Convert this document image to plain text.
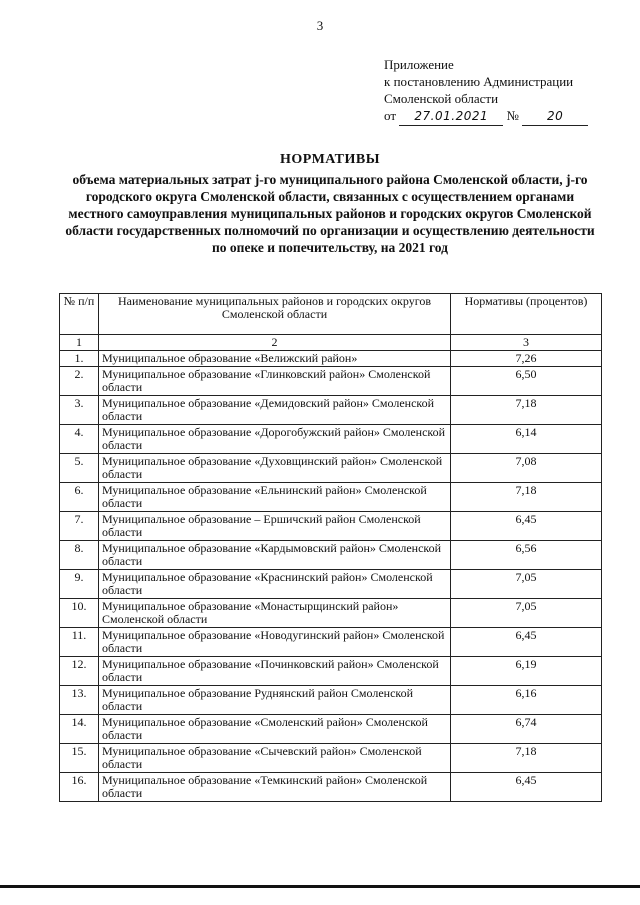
3
Приложение
к постановлению Администрации
Смоленской области
от 27.01.2021 № 20
НОРМАТИВЫ
объема материальных затрат j-го муниципального района Смоленской области, j-го городского округа Смоленской области, связанных с осуществлением органами местного самоуправления муниципальных районов и городских округов Смоленской области государственных полномочий по организации и осуществлению деятельности по опеке и попечительству, на 2021 год
№ п/п	Наименование муниципальных районов и городских округов Смоленской области	Нормативы (процентов)
1	2	3
1.	Муниципальное образование «Велижский район»	7,26
2.	Муниципальное образование «Глинковский район» Смоленской области	6,50
3.	Муниципальное образование «Демидовский район» Смоленской области	7,18
4.	Муниципальное образование «Дорогобужский район» Смоленской области	6,14
5.	Муниципальное образование «Духовщинский район» Смоленской области	7,08
6.	Муниципальное образование «Ельнинский район» Смоленской области	7,18
7.	Муниципальное образование – Ершичский район Смоленской области	6,45
8.	Муниципальное образование «Кардымовский район» Смоленской области	6,56
9.	Муниципальное образование «Краснинский район» Смоленской области	7,05
10.	Муниципальное образование «Монастырщинский район» Смоленской области	7,05
11.	Муниципальное образование «Новодугинский район» Смоленской области	6,45
12.	Муниципальное образование «Починковский район» Смоленской области	6,19
13.	Муниципальное образование Руднянский район Смоленской области	6,16
14.	Муниципальное образование «Смоленский район» Смоленской области	6,74
15.	Муниципальное образование «Сычевский район» Смоленской области	7,18
16.	Муниципальное образование «Темкинский район» Смоленской области	6,45
